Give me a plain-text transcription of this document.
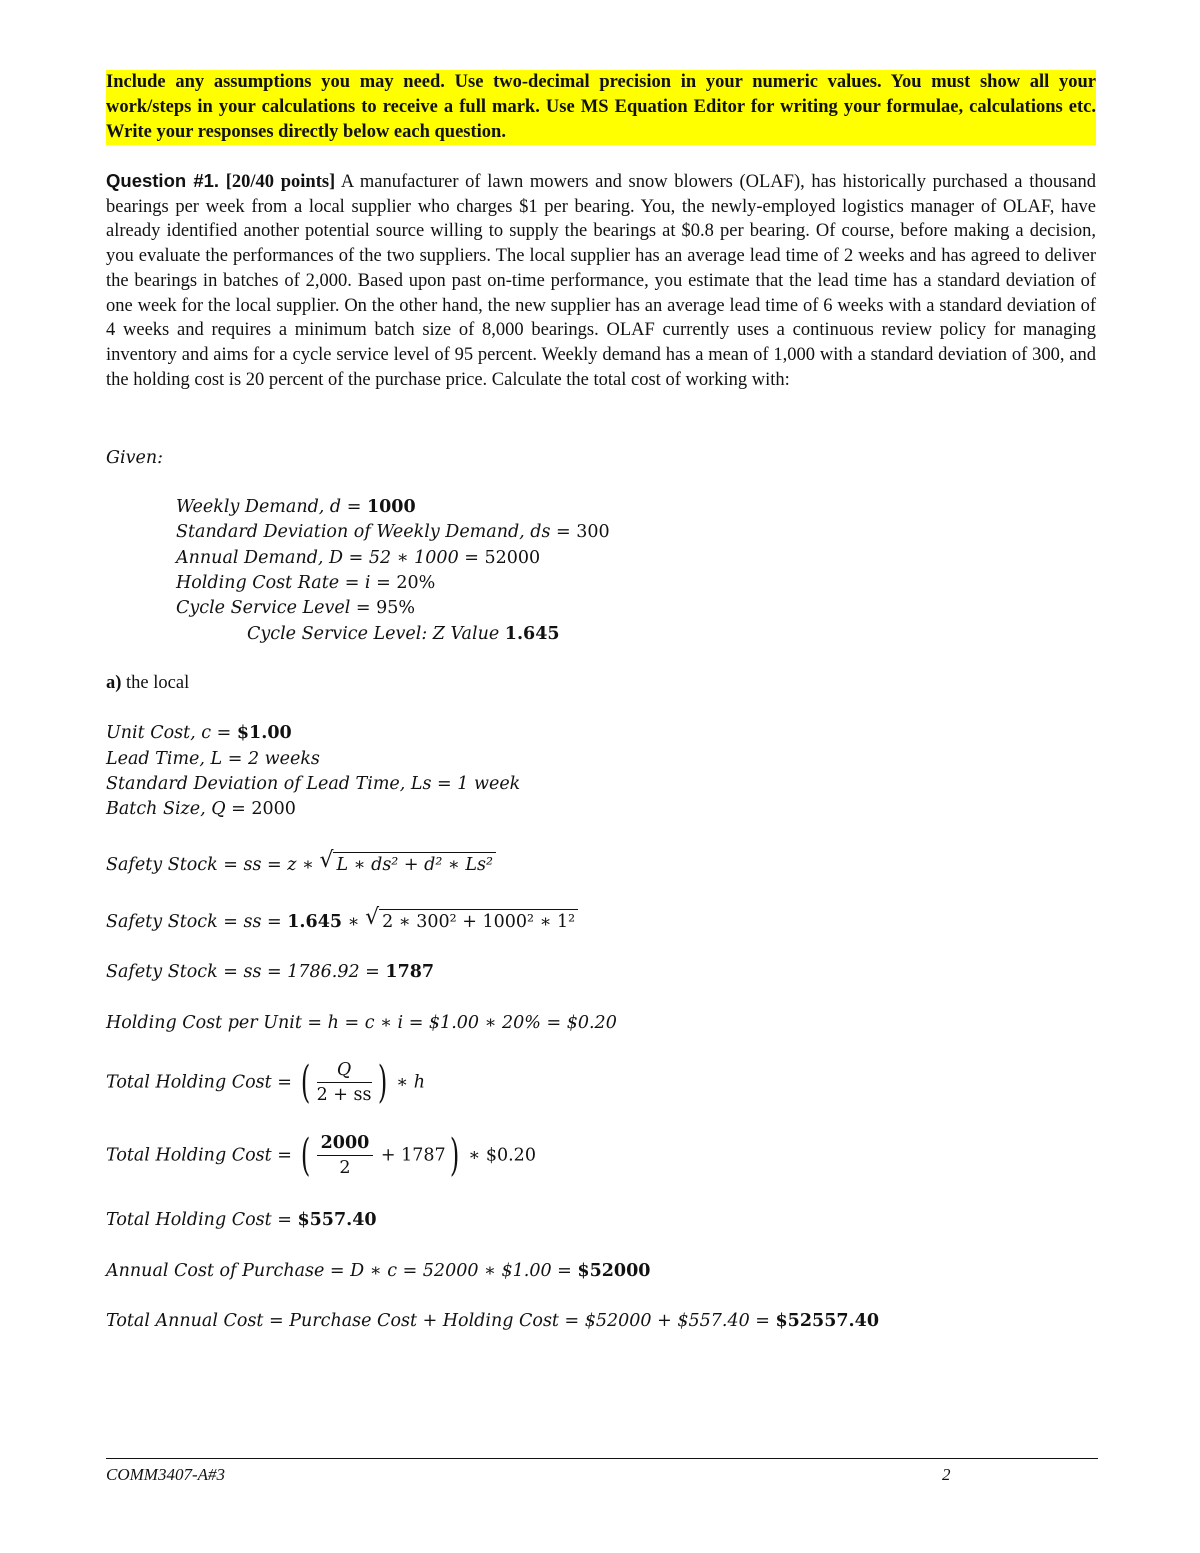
Include any assumptions you may need. Use two-decimal precision in your numeric values. You must show all your work/steps in your calculations to receive a full mark. Use MS Equation Editor for writing your formulae, calculations etc. Write your responses directly below each question.
Question #1. [20/40 points] A manufacturer of lawn mowers and snow blowers (OLAF), has historically purchased a thousand bearings per week from a local supplier who charges $1 per bearing. You, the newly-employed logistics manager of OLAF, have already identified another potential source willing to supply the bearings at $0.8 per bearing. Of course, before making a decision, you evaluate the performances of the two suppliers. The local supplier has an average lead time of 2 weeks and has agreed to deliver the bearings in batches of 2,000. Based upon past on-time performance, you estimate that the lead time has a standard deviation of one week for the local supplier. On the other hand, the new supplier has an average lead time of 6 weeks with a standard deviation of 4 weeks and requires a minimum batch size of 8,000 bearings. OLAF currently uses a continuous review policy for managing inventory and aims for a cycle service level of 95 percent. Weekly demand has a mean of 1,000 with a standard deviation of 300, and the holding cost is 20 percent of the purchase price. Calculate the total cost of working with:
Given:
Weekly Demand, d = 1000
Standard Deviation of Weekly Demand, ds = 300
Annual Demand, D = 52 ∗ 1000 = 52000
Holding Cost Rate = i = 20%
Cycle Service Level = 95%
Cycle Service Level: Z Value 1.645
a) the local
Unit Cost, c = $1.00
Lead Time, L = 2 weeks
Standard Deviation of Lead Time, Ls = 1 week
Batch Size, Q = 2000
Safety Stock = ss = z ∗ √ L ∗ ds² + d² ∗ Ls²
Safety Stock = ss = 1.645 ∗ √ 2 ∗ 300² + 1000² ∗ 1²
Safety Stock = ss = 1786.92 = 1787
Holding Cost per Unit = h = c ∗ i = $1.00 ∗ 20% = $0.20
Total Holding Cost = ( $\frac{Q}{2 + ss}$ ) ∗ h
Total Holding Cost = ( $\frac{2000}{2} + 1787$) ∗ $0.20
Total Holding Cost = $557.40
Annual Cost of Purchase = D ∗ c = 52000 ∗ $1.00 = $52000
Total Annual Cost = Purchase Cost + Holding Cost = $52000 + $557.40 = $52557.40
COMM3407-A#3	2
